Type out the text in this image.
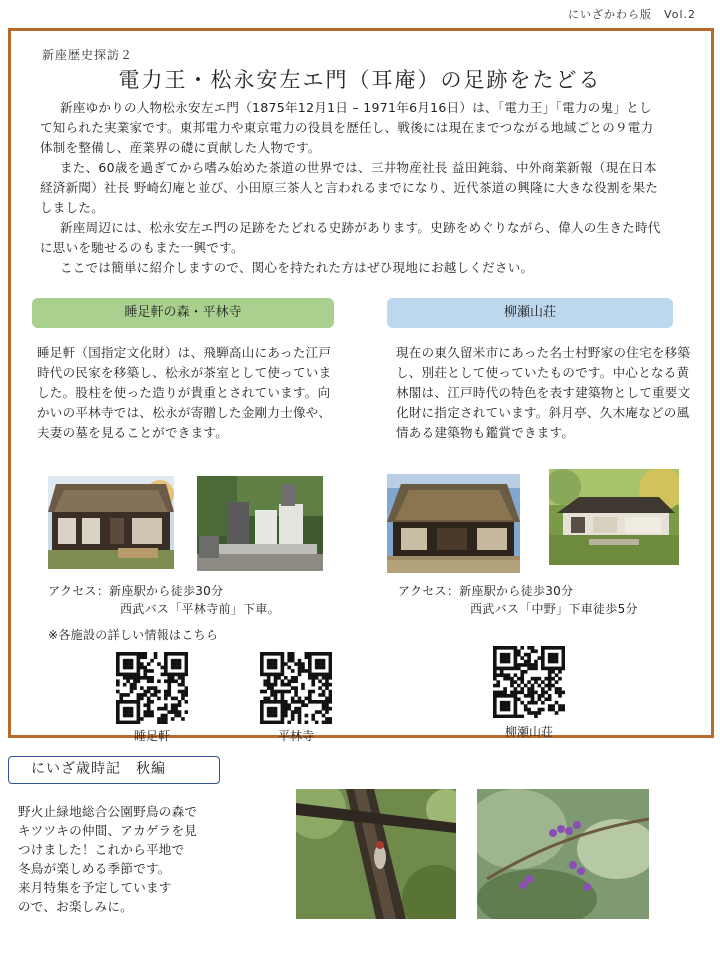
にいざかわら版　Vol.2
新座歴史探訪２
電力王・松永安左エ門（耳庵）の足跡をたどる

新座ゆかりの人物松永安左エ門（1875年12月1日 – 1971年6月16日）は、「電力王」「電力の鬼」として知られた実業家です。東邦電力や東京電力の役員を歴任し、戦後には現在までつながる地域ごとの９電力体制を整備し、産業界の礎に貢献した人物です。

また、60歳を過ぎてから嗜み始めた茶道の世界では、三井物産社長 益田鈍翁、中外商業新報（現在日本経済新聞）社長 野崎幻庵と並び、小田原三茶人と言われるまでになり、近代茶道の興隆に大きな役割を果たしました。

新座周辺には、松永安左エ門の足跡をたどれる史跡があります。史跡をめぐりながら、偉人の生きた時代に思いを馳せるのもまた一興です。

ここでは簡単に紹介しますので、関心を持たれた方はぜひ現地にお越しください。

睡足軒の森・平林寺

睡足軒（国指定文化財）は、飛騨高山にあった江戸時代の民家を移築し、松永が茶室として使っていました。股柱を使った造りが貴重とされています。向かいの平林寺では、松永が寄贈した金剛力士像や、夫妻の墓を見ることができます。

アクセス：新座駅から徒歩30分
西武バス「平林寺前」下車。
柳瀬山荘

現在の東久留米市にあった名士村野家の住宅を移築し、別荘として使っていたものです。中心となる黄林閣は、江戸時代の特色を表す建築物として重要文化財に指定されています。斜月亭、久木庵などの風情ある建築物も鑑賞できます。

アクセス：新座駅から徒歩30分
西武バス「中野」下車徒歩5分
※各施設の詳しい情報はこちら
睡足軒	平林寺	柳瀬山荘
にいざ歳時記　秋編

野火止緑地総合公園野鳥の森で
キツツキの仲間、アカゲラを見
つけました！これから平地で
冬鳥が楽しめる季節です。
来月特集を予定しています
ので、お楽しみに。
